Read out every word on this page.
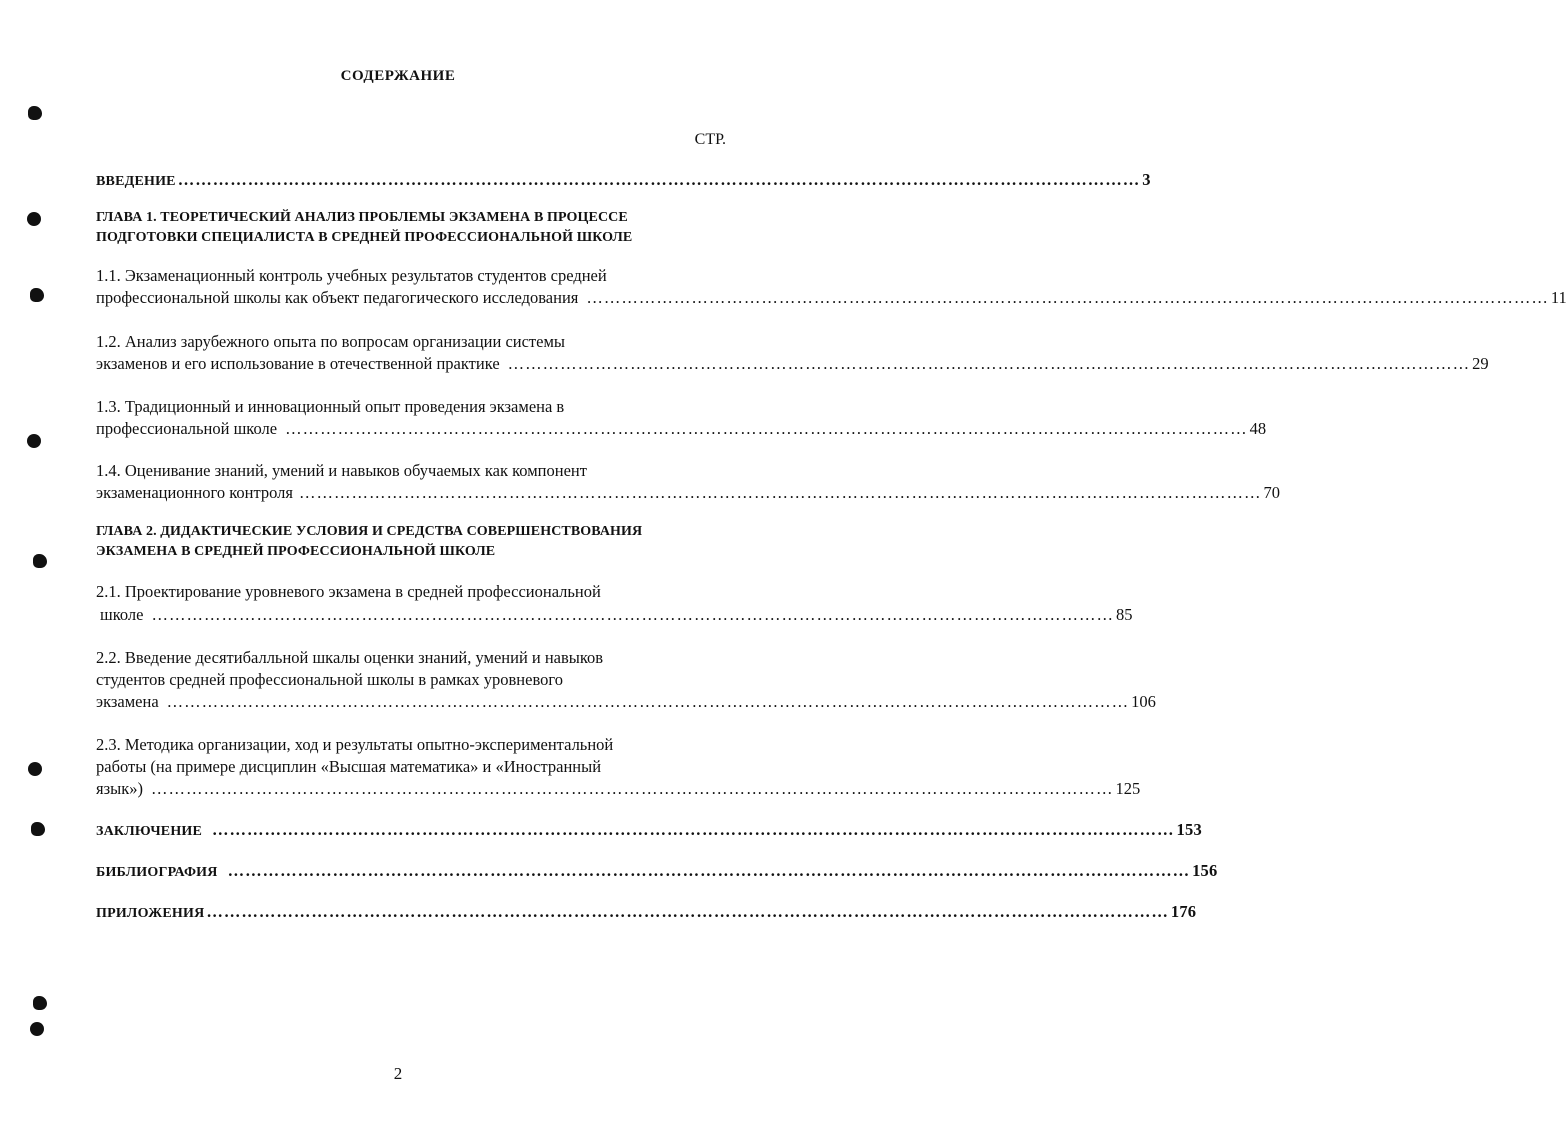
СОДЕРЖАНИЕ
СТР.
ВВЕДЕНИЕ ………………………………………………………………………………………………………………………………………………… 3
ГЛАВА 1. ТЕОРЕТИЧЕСКИЙ АНАЛИЗ ПРОБЛЕМЫ ЭКЗАМЕНА В ПРОЦЕССЕ
ПОДГОТОВКИ СПЕЦИАЛИСТА В СРЕДНЕЙ ПРОФЕССИОНАЛЬНОЙ ШКОЛЕ
1.1. Экзаменационный контроль учебных результатов студентов средней
профессиональной школы как объект педагогического исследования ………………………………………………………………………………………………………………………………………………… 11
1.2. Анализ зарубежного опыта по вопросам организации системы
экзаменов и его использование в отечественной практике ………………………………………………………………………………………………………………………………………………… 29
1.3. Традиционный и инновационный опыт проведения экзамена в
профессиональной школе ………………………………………………………………………………………………………………………………………………… 48
1.4. Оценивание знаний, умений и навыков обучаемых как компонент
экзаменационного контроля ………………………………………………………………………………………………………………………………………………… 70
ГЛАВА 2. ДИДАКТИЧЕСКИЕ УСЛОВИЯ И СРЕДСТВА СОВЕРШЕНСТВОВАНИЯ
ЭКЗАМЕНА В СРЕДНЕЙ ПРОФЕССИОНАЛЬНОЙ ШКОЛЕ
2.1. Проектирование уровневого экзамена в средней профессиональной
школе ………………………………………………………………………………………………………………………………………………… 85
2.2. Введение десятибалльной шкалы оценки знаний, умений и навыков
студентов средней профессиональной школы в рамках уровневого
экзамена ………………………………………………………………………………………………………………………………………………… 106
2.3. Методика организации, ход и результаты опытно-экспериментальной
работы (на примере дисциплин «Высшая математика» и «Иностранный
язык») ………………………………………………………………………………………………………………………………………………… 125
ЗАКЛЮЧЕНИЕ ………………………………………………………………………………………………………………………………………………… 153
БИБЛИОГРАФИЯ ………………………………………………………………………………………………………………………………………………… 156
ПРИЛОЖЕНИЯ ………………………………………………………………………………………………………………………………………………… 176
2
